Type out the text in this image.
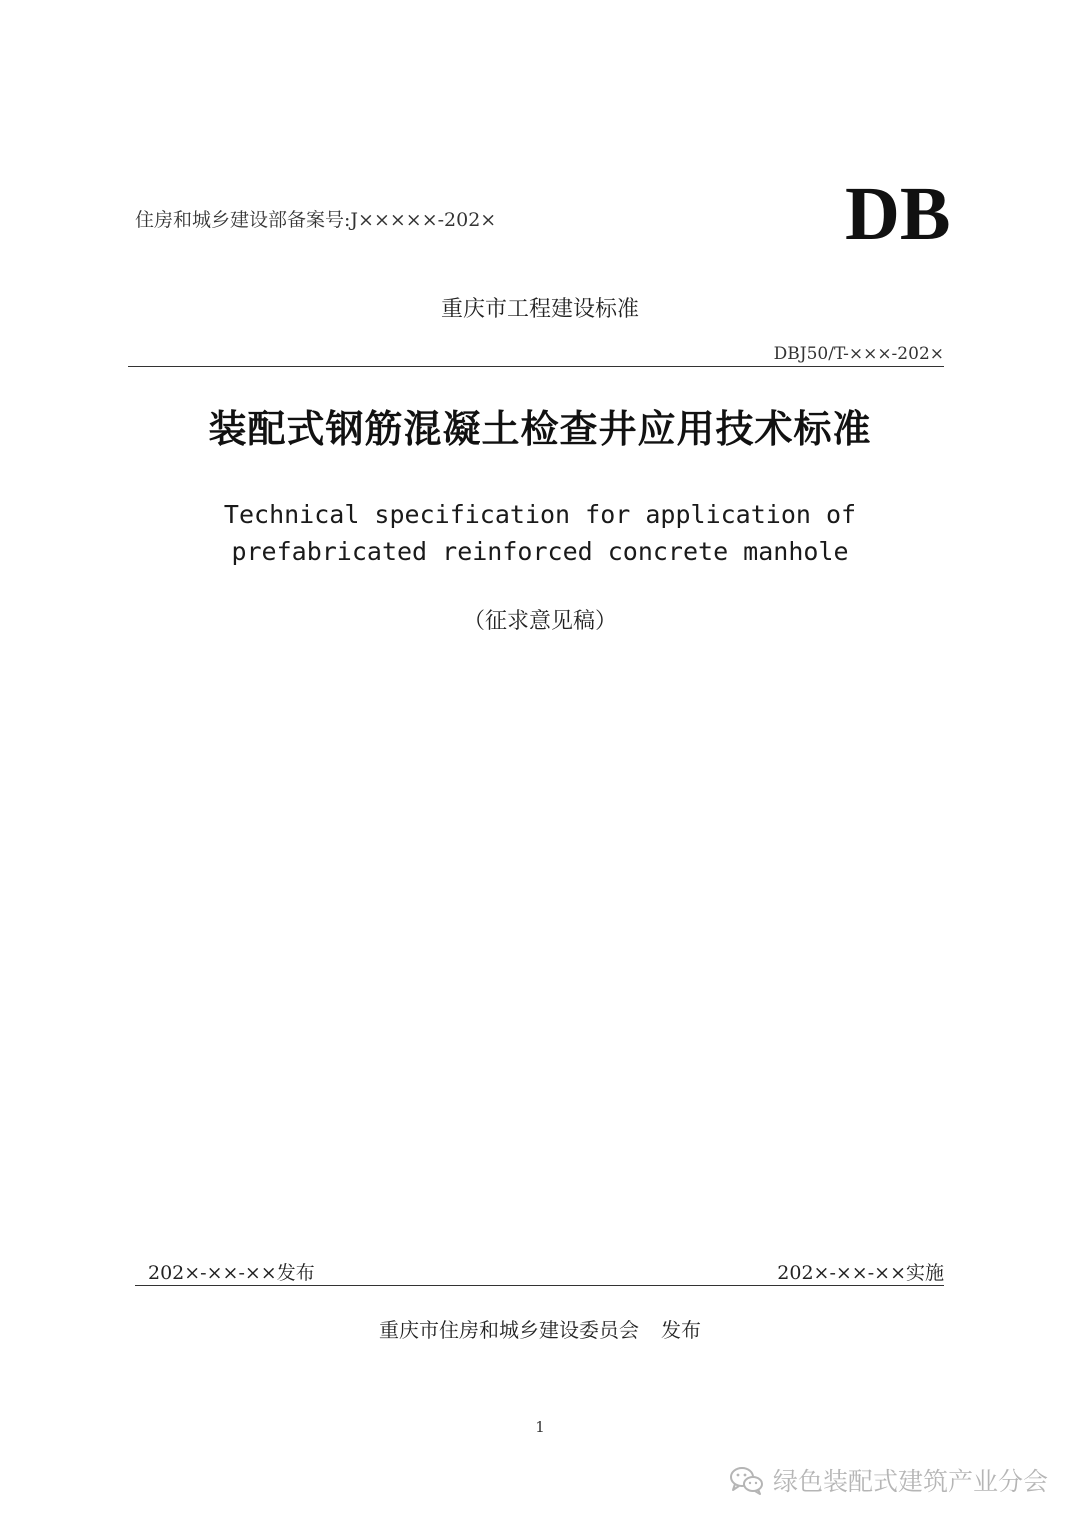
住房和城乡建设部备案号:J×××××-202×	DB
重庆市工程建设标准
DBJ50/T-×××-202×
装配式钢筋混凝土检查井应用技术标准
Technical specification for application of
prefabricated reinforced concrete manhole
（征求意见稿）
202×-××-××发布	202×-××-××实施
重庆市住房和城乡建设委员会 发布
1
绿色装配式建筑产业分会
